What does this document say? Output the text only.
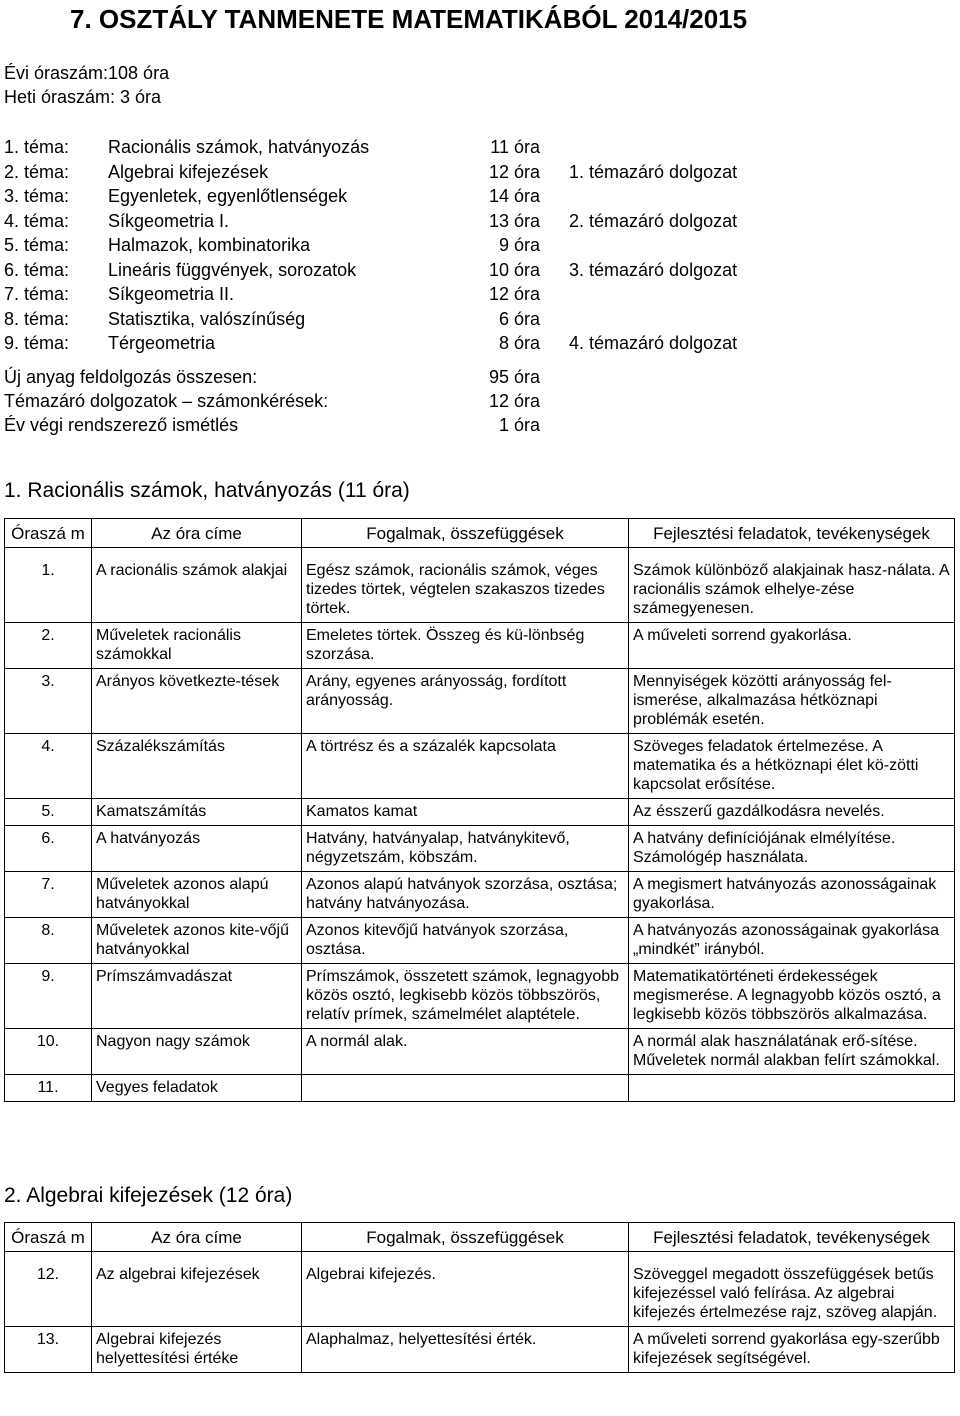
7. OSZTÁLY TANMENETE MATEMATIKÁBÓL 2014/2015
Évi óraszám:108 óra
Heti óraszám: 3 óra
1. téma: Racionális számok, hatványozás	11 óra
2. téma: Algebrai kifejezések	12 óra 1. témazáró dolgozat
3. téma: Egyenletek, egyenlőtlenségek	14 óra
4. téma: Síkgeometria I.	13 óra 2. témazáró dolgozat
5. téma: Halmazok, kombinatorika	9 óra
6. téma: Lineáris függvények, sorozatok	10 óra 3. témazáró dolgozat
7. téma: Síkgeometria II.	12 óra
8. téma: Statisztika, valószínűség	6 óra
9. téma: Térgeometria	8 óra 4. témazáró dolgozat
Új anyag feldolgozás összesen:	95 óra
Témazáró dolgozatok – számonkérések:	12 óra
Év végi rendszerező ismétlés	1 óra
1. Racionális számok, hatványozás (11 óra)
Óraszá m	Az óra címe	Fogalmak, összefüggések	Fejlesztési feladatok, tevékenységek

1.	A racionális számok alakjai	Egész számok, racionális számok, véges tizedes törtek, végtelen szakaszos tizedes törtek.	Számok különböző alakjainak hasz-nálata. A racionális számok elhelye-zése számegyenesen.
2.	Műveletek racionális számokkal	Emeletes törtek. Összeg és kü-lönbség szorzása.	A műveleti sorrend gyakorlása.
3.	Arányos következte-tések	Arány, egyenes arányosság, fordított arányosság.	Mennyiségek közötti arányosság fel-ismerése, alkalmazása hétköznapi problémák esetén.
4.	Százalékszámítás	A törtrész és a százalék kapcsolata	Szöveges feladatok értelmezése. A matematika és a hétköznapi élet kö-zötti kapcsolat erősítése.
5.	Kamatszámítás	Kamatos kamat	Az ésszerű gazdálkodásra nevelés.
6.	A hatványozás	Hatvány, hatványalap, hatványkitevő, négyzetszám, köbszám.	A hatvány definíciójának elmélyítése. Számológép használata.
7.	Műveletek azonos alapú hatványokkal	Azonos alapú hatványok szorzása, osztása; hatvány hatványozása.	A megismert hatványozás azonosságainak gyakorlása.
8.	Műveletek azonos kite-vőjű hatványokkal	Azonos kitevőjű hatványok szorzása, osztása.	A hatványozás azonosságainak gyakorlása „mindkét” irányból.
9.	Prímszámvadászat	Prímszámok, összetett számok, legnagyobb közös osztó, legkisebb közös többszörös, relatív prímek, számelmélet alaptétele.	Matematikatörténeti érdekességek megismerése. A legnagyobb közös osztó, a legkisebb közös többszörös alkalmazása.
10.	Nagyon nagy számok	A normál alak.	A normál alak használatának erő-sítése. Műveletek normál alakban felírt számokkal.
11.	Vegyes feladatok		
2. Algebrai kifejezések (12 óra)
Óraszá m	Az óra címe	Fogalmak, összefüggések	Fejlesztési feladatok, tevékenységek

12.	Az algebrai kifejezések	Algebrai kifejezés.	Szöveggel megadott összefüggések betűs kifejezéssel való felírása. Az algebrai kifejezés értelmezése rajz, szöveg alapján.
13.	Algebrai kifejezés helyettesítési értéke	Alaphalmaz, helyettesítési érték.	A műveleti sorrend gyakorlása egy-szerűbb kifejezések segítségével.
